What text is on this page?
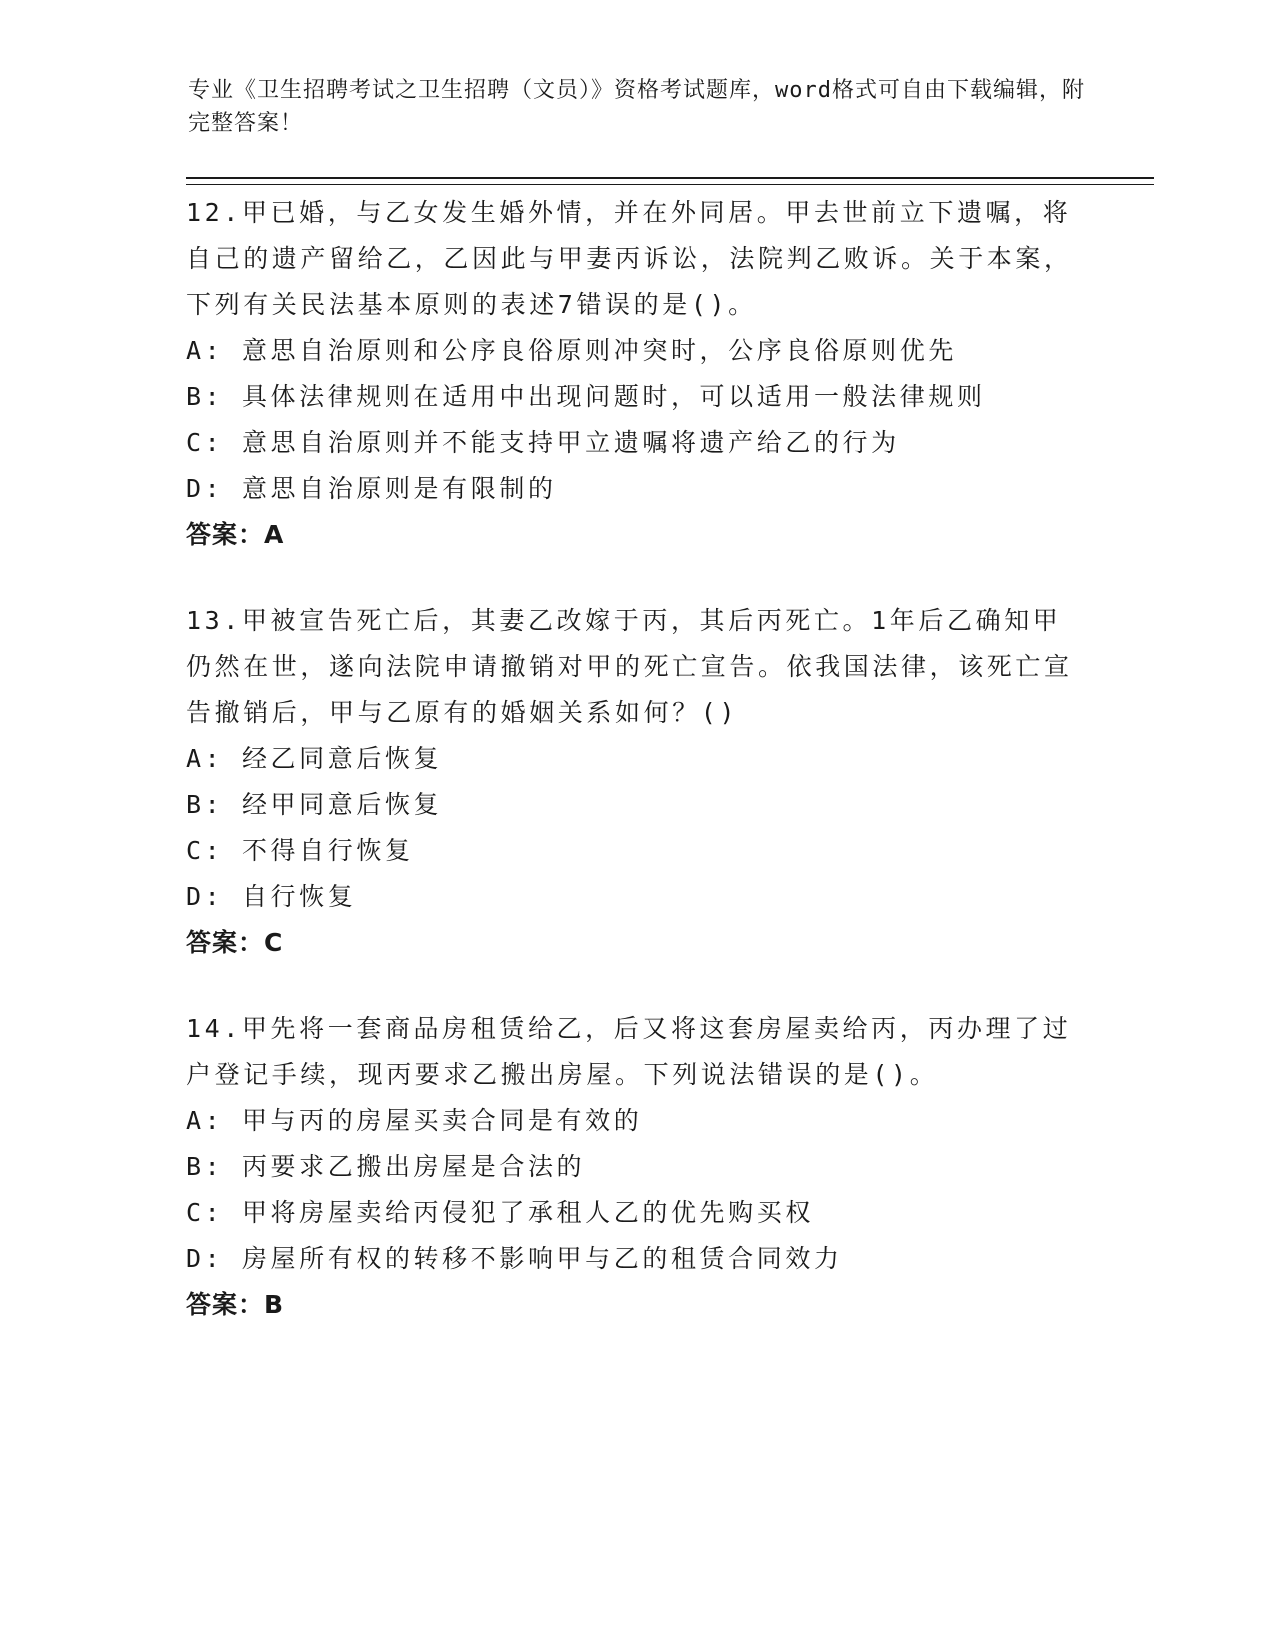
专业《卫生招聘考试之卫生招聘（文员）》资格考试题库，word格式可自由下载编辑，附完整答案！

12.甲已婚，与乙女发生婚外情，并在外同居。甲去世前立下遗嘱，将自己的遗产留给乙，乙因此与甲妻丙诉讼，法院判乙败诉。关于本案，下列有关民法基本原则的表述7错误的是()。

A: 意思自治原则和公序良俗原则冲突时，公序良俗原则优先
B: 具体法律规则在适用中出现问题时，可以适用一般法律规则
C: 意思自治原则并不能支持甲立遗嘱将遗产给乙的行为
D: 意思自治原则是有限制的
答案：A

13.甲被宣告死亡后，其妻乙改嫁于丙，其后丙死亡。1年后乙确知甲仍然在世，遂向法院申请撤销对甲的死亡宣告。依我国法律，该死亡宣告撤销后，甲与乙原有的婚姻关系如何？()

A: 经乙同意后恢复
B: 经甲同意后恢复
C: 不得自行恢复
D: 自行恢复
答案：C

14.甲先将一套商品房租赁给乙，后又将这套房屋卖给丙，丙办理了过户登记手续，现丙要求乙搬出房屋。下列说法错误的是()。

A: 甲与丙的房屋买卖合同是有效的
B: 丙要求乙搬出房屋是合法的
C: 甲将房屋卖给丙侵犯了承租人乙的优先购买权
D: 房屋所有权的转移不影响甲与乙的租赁合同效力
答案：B
